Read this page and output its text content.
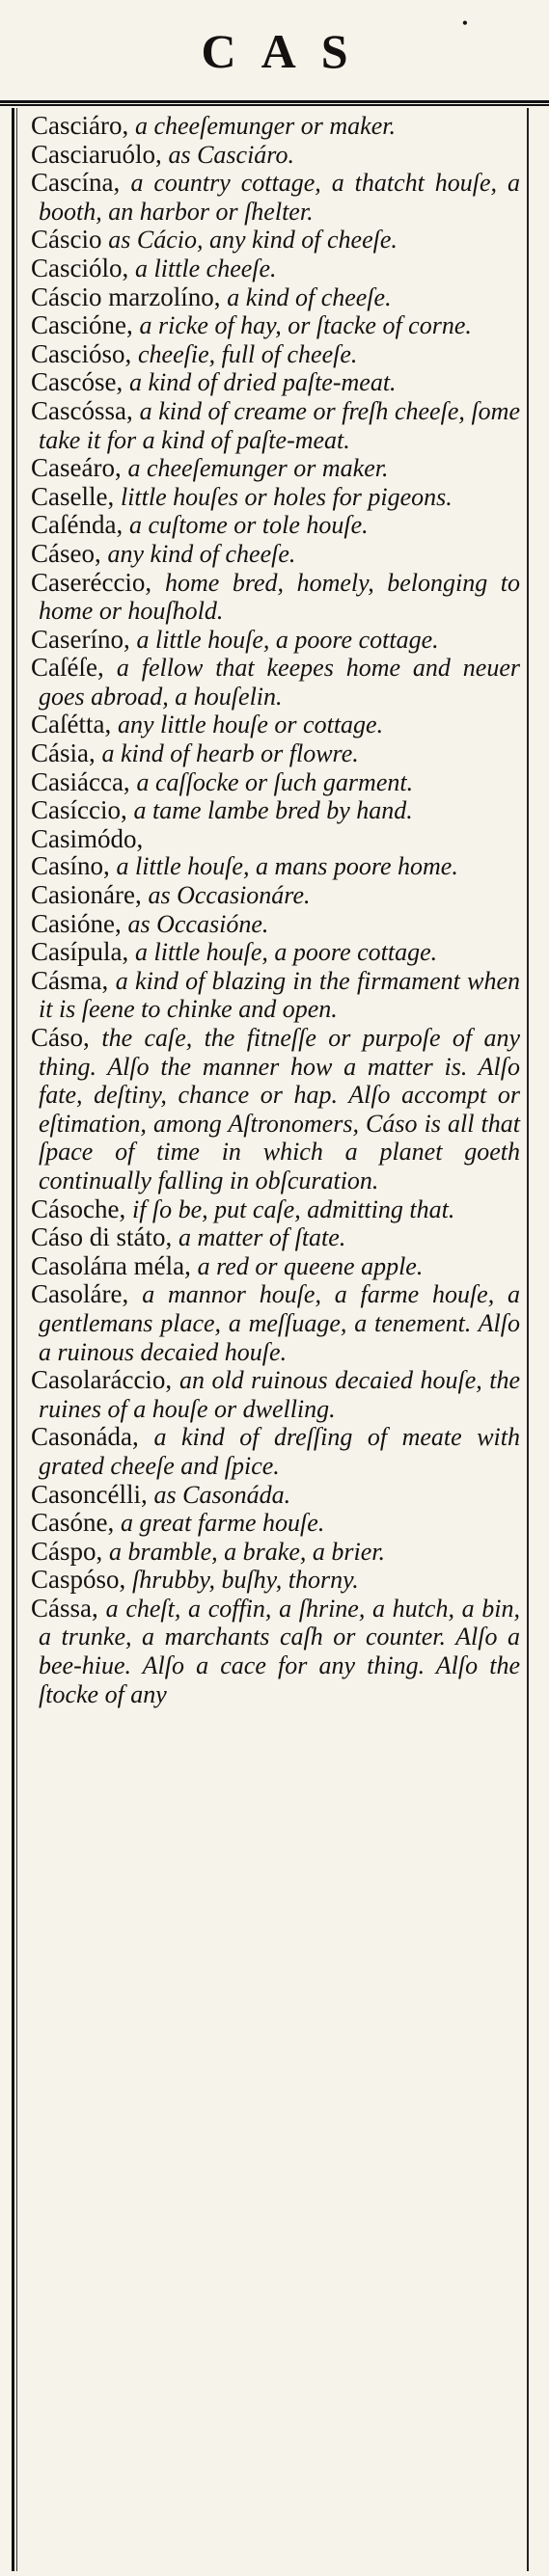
CAS
•
Casciáro, a cheeſemunger or maker.
Casciaruólo, as Casciáro.
Cascína, a country cottage, a thatcht houſe, a booth, an harbor or ſhelter.
Cáscio as Cácio, any kind of cheeſe.
Casciólo, a little cheeſe.
Cáscio marzolíno, a kind of cheeſe.
Cascióne, a ricke of hay, or ſtacke of corne.
Casciósо, cheeſie, full of cheeſe.
Cascóse, a kind of dried paſte-meat.
Cascóssa, a kind of creame or freſh cheeſe, ſome take it for a kind of paſte-meat.
Caseáro, a cheeſemunger or maker.
Caselle, little houſes or holes for pigeons.
Caſénda, a cuſtome or tole houſe.
Cáseo, any kind of cheeſe.
Caseréccio, home bred, homely, belonging to home or houſhold.
Caseríno, a little houſe, a poore cottage.
Caſéſe, a fellow that keepes home and neuer goes abroad, a houſelin.
Caſétta, any little houſe or cottage.
Cásia, a kind of hearb or flowre.
Casiácca, a caſſocke or ſuch garment.
Casíccio, a tame lambe bred by hand.
Casimódo,
Casíno, a little houſe, a mans poore home.
Casionáre, as Occasionáre.
Casióne, as Occasióne.
Casípula, a little houſe, a poore cottage.
Cásma, a kind of blazing in the firmament when it is ſeene to chinke and open.
Cáso, the caſe, the fitneſſe or purpoſe of any thing. Alſo the manner how a matter is. Alſo fate, deſtiny, chance or hap. Alſo accompt or eſtimation, among Aſtronomers, Cáso is all that ſpace of time in which a planet goeth continually falling in obſcuration.
Cásoche, if ſo be, put caſe, admitting that.
Cáso di státo, a matter of ſtate.
Casoláпа méla, a red or queene apple.
Casoláre, a mannor houſe, a farme houſe, a gentlemans place, a meſſuage, a tenement. Alſo a ruinous decaied houſe.
Casolaráccio, an old ruinous decaied houſe, the ruines of a houſe or dwelling.
Casonáda, a kind of dreſſing of meate with grated cheeſe and ſpice.
Casoncélli, as Casonáda.
Casóne, a great farme houſe.
Cáspo, a bramble, a brake, a brier.
Caspóso, ſhrubby, buſhy, thorny.
Cássa, a cheſt, a coffin, a ſhrine, a hutch, a bin, a trunke, a marchants caſh or counter. Alſo a bee-hiue. Alſo a cace for any thing. Alſo the ſtocke of any
